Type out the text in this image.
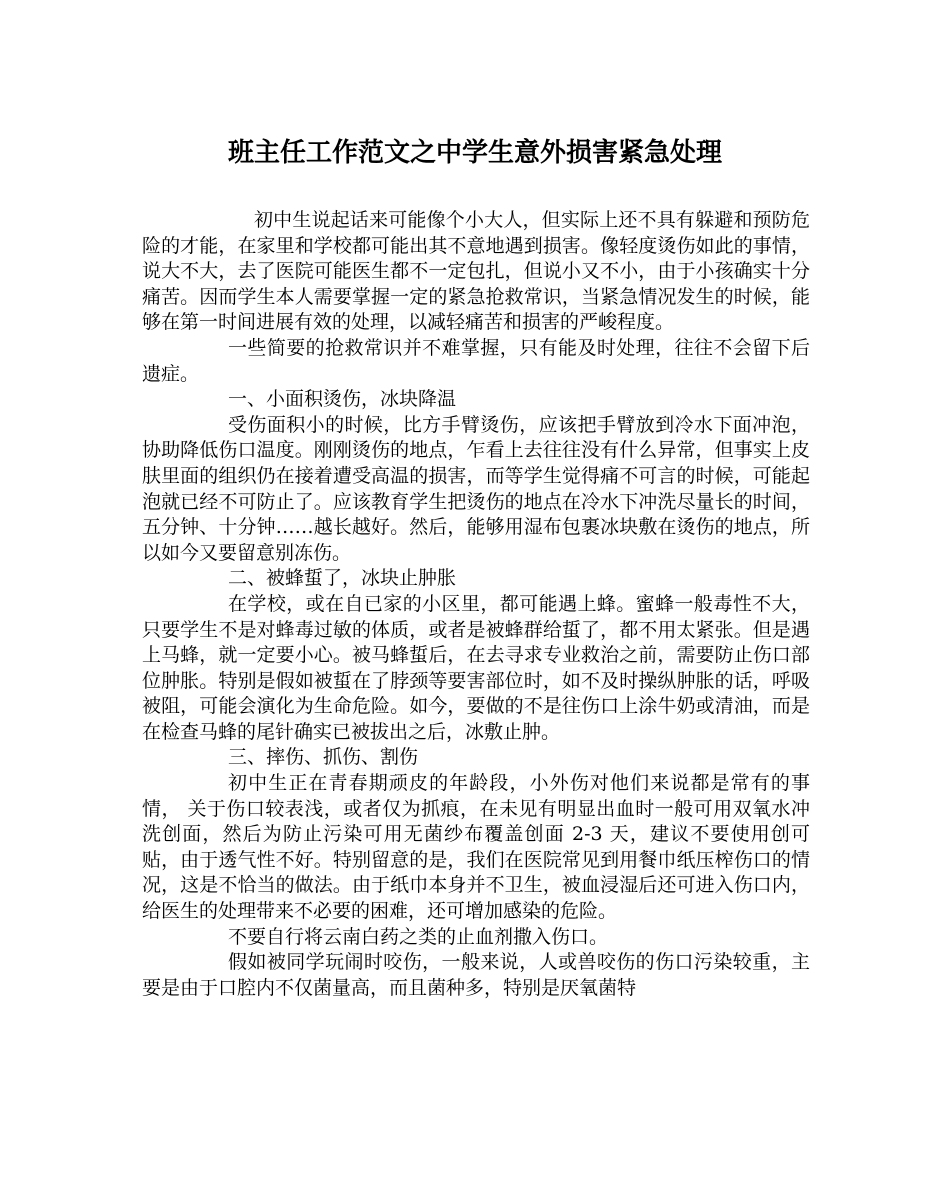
班主任工作范文之中学生意外损害紧急处理

初中生说起话来可能像个小大人，但实际上还不具有躲避和预防危险的才能，在家里和学校都可能出其不意地遇到损害。像轻度烫伤如此的事情，说大不大，去了医院可能医生都不一定包扎，但说小又不小，由于小孩确实十分痛苦。因而学生本人需要掌握一定的紧急抢救常识，当紧急情况发生的时候，能够在第一时间进展有效的处理，以减轻痛苦和损害的严峻程度。

一些简要的抢救常识并不难掌握，只有能及时处理，往往不会留下后遗症。

一、小面积烫伤，冰块降温

受伤面积小的时候，比方手臂烫伤，应该把手臂放到冷水下面冲泡，协助降低伤口温度。刚刚烫伤的地点，乍看上去往往没有什么异常，但事实上皮肤里面的组织仍在接着遭受高温的损害，而等学生觉得痛不可言的时候，可能起泡就已经不可防止了。应该教育学生把烫伤的地点在冷水下冲洗尽量长的时间，五分钟、十分钟……越长越好。然后，能够用湿布包裹冰块敷在烫伤的地点，所以如今又要留意别冻伤。

二、被蜂蜇了，冰块止肿胀

在学校，或在自已家的小区里，都可能遇上蜂。蜜蜂一般毒性不大，只要学生不是对蜂毒过敏的体质，或者是被蜂群给蜇了，都不用太紧张。但是遇上马蜂，就一定要小心。被马蜂蜇后，在去寻求专业救治之前，需要防止伤口部位肿胀。特别是假如被蜇在了脖颈等要害部位时，如不及时操纵肿胀的话，呼吸被阻，可能会演化为生命危险。如今，要做的不是往伤口上涂牛奶或清油，而是在检查马蜂的尾针确实已被拔出之后，冰敷止肿。

三、摔伤、抓伤、割伤

初中生正在青春期顽皮的年龄段，小外伤对他们来说都是常有的事情， 关于伤口较表浅，或者仅为抓痕，在未见有明显出血时一般可用双氧水冲洗创面，然后为防止污染可用无菌纱布覆盖创面 2-3 天，建议不要使用创可贴，由于透气性不好。特别留意的是，我们在医院常见到用餐巾纸压榨伤口的情况，这是不恰当的做法。由于纸巾本身并不卫生，被血浸湿后还可进入伤口内，给医生的处理带来不必要的困难，还可增加感染的危险。

不要自行将云南白药之类的止血剂撒入伤口。

假如被同学玩闹时咬伤，一般来说，人或兽咬伤的伤口污染较重，主要是由于口腔内不仅菌量高，而且菌种多，特别是厌氧菌特
